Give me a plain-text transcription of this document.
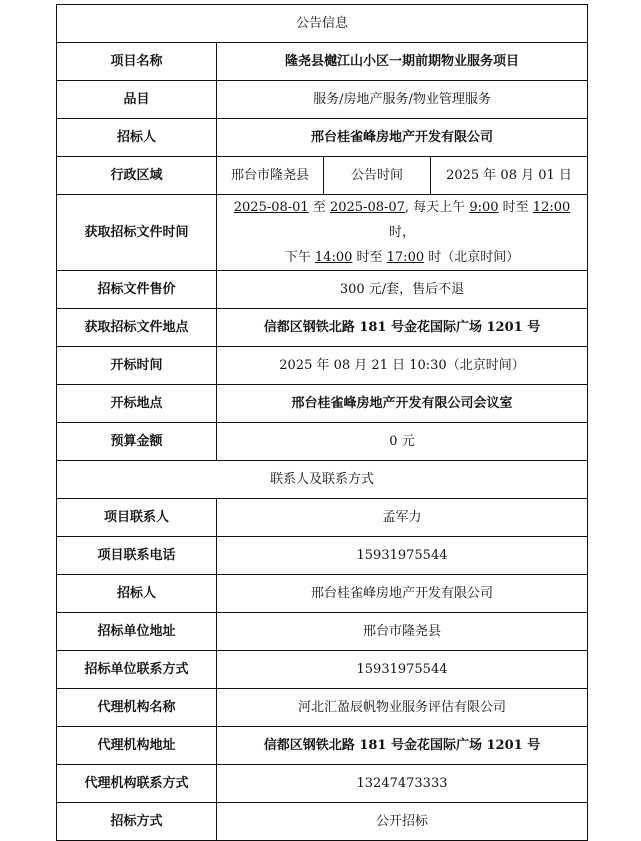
公告信息			
项目名称	隆尧县樾江山小区一期前期物业服务项目		
品目	服务/房地产服务/物业管理服务		
招标人	邢台桂雀峰房地产开发有限公司		
行政区域	邢台市隆尧县	公告时间	2025 年 08 月 01 日
获取招标文件时间	2025-08-01 至 2025-08-07, 每天上午 9:00 时至 12:00 时，
下午 14:00 时至 17:00 时（北京时间）		
招标文件售价	300 元/套，售后不退		
获取招标文件地点	信都区钢铁北路 181 号金花国际广场 1201 号		
开标时间	2025 年 08 月 21 日 10:30（北京时间）		
开标地点	邢台桂雀峰房地产开发有限公司会议室		
预算金额	0 元		
联系人及联系方式			
项目联系人	孟军力		
项目联系电话	15931975544		
招标人	邢台桂雀峰房地产开发有限公司		
招标单位地址	邢台市隆尧县		
招标单位联系方式	15931975544		
代理机构名称	河北汇盈辰帆物业服务评估有限公司		
代理机构地址	信都区钢铁北路 181 号金花国际广场 1201 号		
代理机构联系方式	13247473333		
招标方式	公开招标		
